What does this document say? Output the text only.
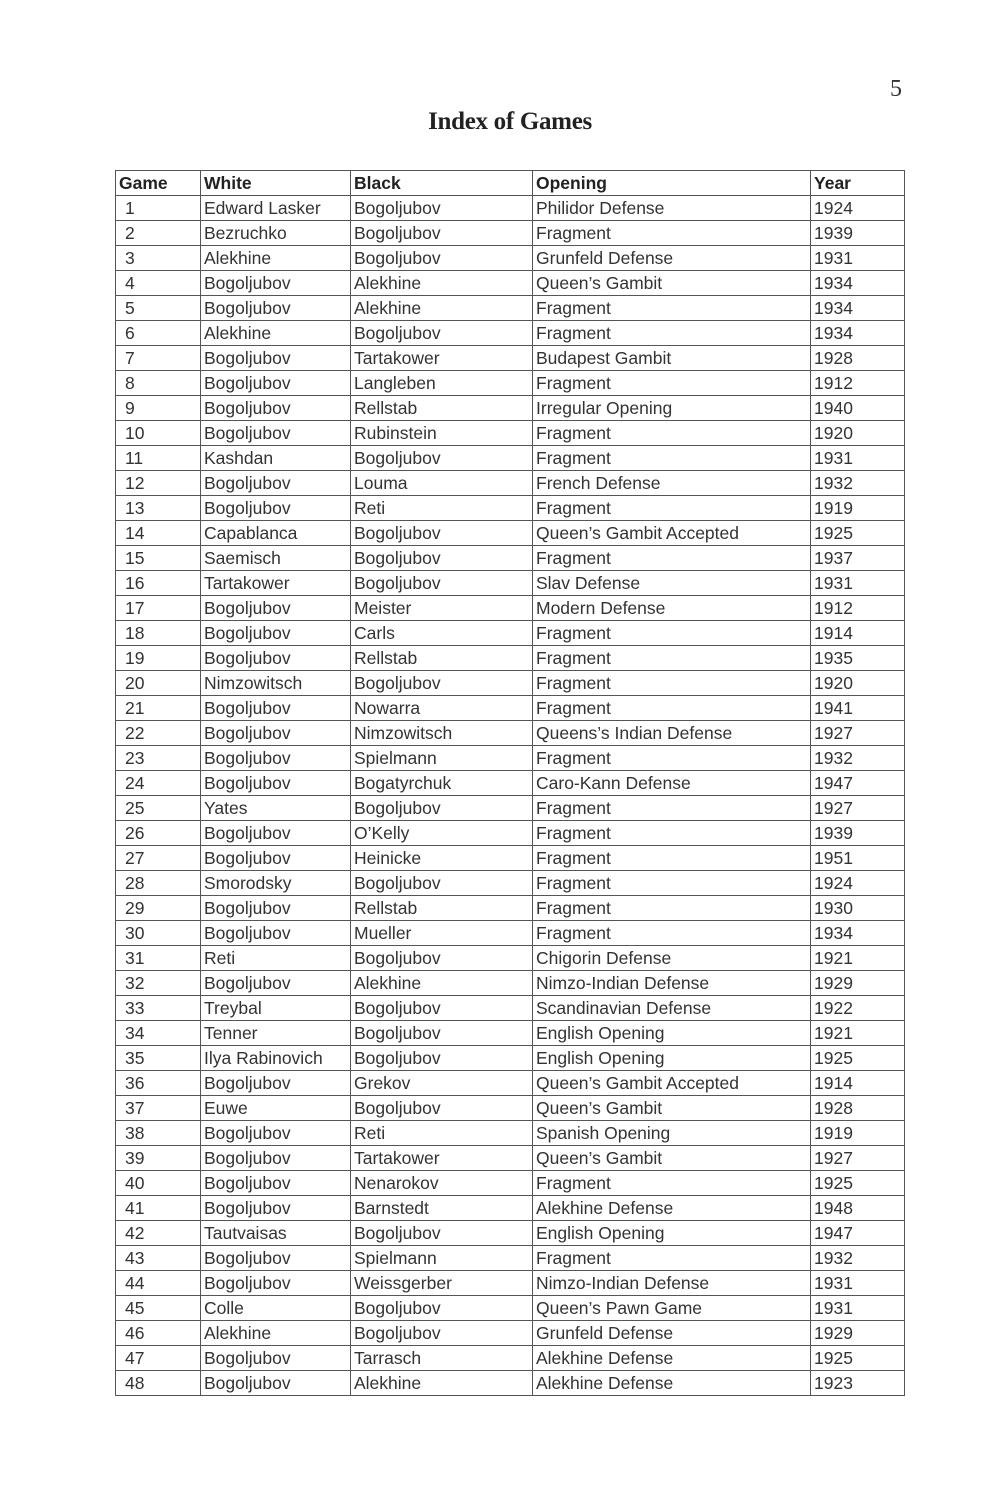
5
Index of Games
Game	White	Black	Opening	Year
1	Edward Lasker	Bogoljubov	Philidor Defense	1924
2	Bezruchko	Bogoljubov	Fragment	1939
3	Alekhine	Bogoljubov	Grunfeld Defense	1931
4	Bogoljubov	Alekhine	Queen’s Gambit	1934
5	Bogoljubov	Alekhine	Fragment	1934
6	Alekhine	Bogoljubov	Fragment	1934
7	Bogoljubov	Tartakower	Budapest Gambit	1928
8	Bogoljubov	Langleben	Fragment	1912
9	Bogoljubov	Rellstab	Irregular Opening	1940
10	Bogoljubov	Rubinstein	Fragment	1920
11	Kashdan	Bogoljubov	Fragment	1931
12	Bogoljubov	Louma	French Defense	1932
13	Bogoljubov	Reti	Fragment	1919
14	Capablanca	Bogoljubov	Queen’s Gambit Accepted	1925
15	Saemisch	Bogoljubov	Fragment	1937
16	Tartakower	Bogoljubov	Slav Defense	1931
17	Bogoljubov	Meister	Modern Defense	1912
18	Bogoljubov	Carls	Fragment	1914
19	Bogoljubov	Rellstab	Fragment	1935
20	Nimzowitsch	Bogoljubov	Fragment	1920
21	Bogoljubov	Nowarra	Fragment	1941
22	Bogoljubov	Nimzowitsch	Queens’s Indian Defense	1927
23	Bogoljubov	Spielmann	Fragment	1932
24	Bogoljubov	Bogatyrchuk	Caro-Kann Defense	1947
25	Yates	Bogoljubov	Fragment	1927
26	Bogoljubov	O’Kelly	Fragment	1939
27	Bogoljubov	Heinicke	Fragment	1951
28	Smorodsky	Bogoljubov	Fragment	1924
29	Bogoljubov	Rellstab	Fragment	1930
30	Bogoljubov	Mueller	Fragment	1934
31	Reti	Bogoljubov	Chigorin Defense	1921
32	Bogoljubov	Alekhine	Nimzo-Indian Defense	1929
33	Treybal	Bogoljubov	Scandinavian Defense	1922
34	Tenner	Bogoljubov	English Opening	1921
35	Ilya Rabinovich	Bogoljubov	English Opening	1925
36	Bogoljubov	Grekov	Queen’s Gambit Accepted	1914
37	Euwe	Bogoljubov	Queen’s Gambit	1928
38	Bogoljubov	Reti	Spanish Opening	1919
39	Bogoljubov	Tartakower	Queen’s Gambit	1927
40	Bogoljubov	Nenarokov	Fragment	1925
41	Bogoljubov	Barnstedt	Alekhine Defense	1948
42	Tautvaisas	Bogoljubov	English Opening	1947
43	Bogoljubov	Spielmann	Fragment	1932
44	Bogoljubov	Weissgerber	Nimzo-Indian Defense	1931
45	Colle	Bogoljubov	Queen’s Pawn Game	1931
46	Alekhine	Bogoljubov	Grunfeld Defense	1929
47	Bogoljubov	Tarrasch	Alekhine Defense	1925
48	Bogoljubov	Alekhine	Alekhine Defense	1923
